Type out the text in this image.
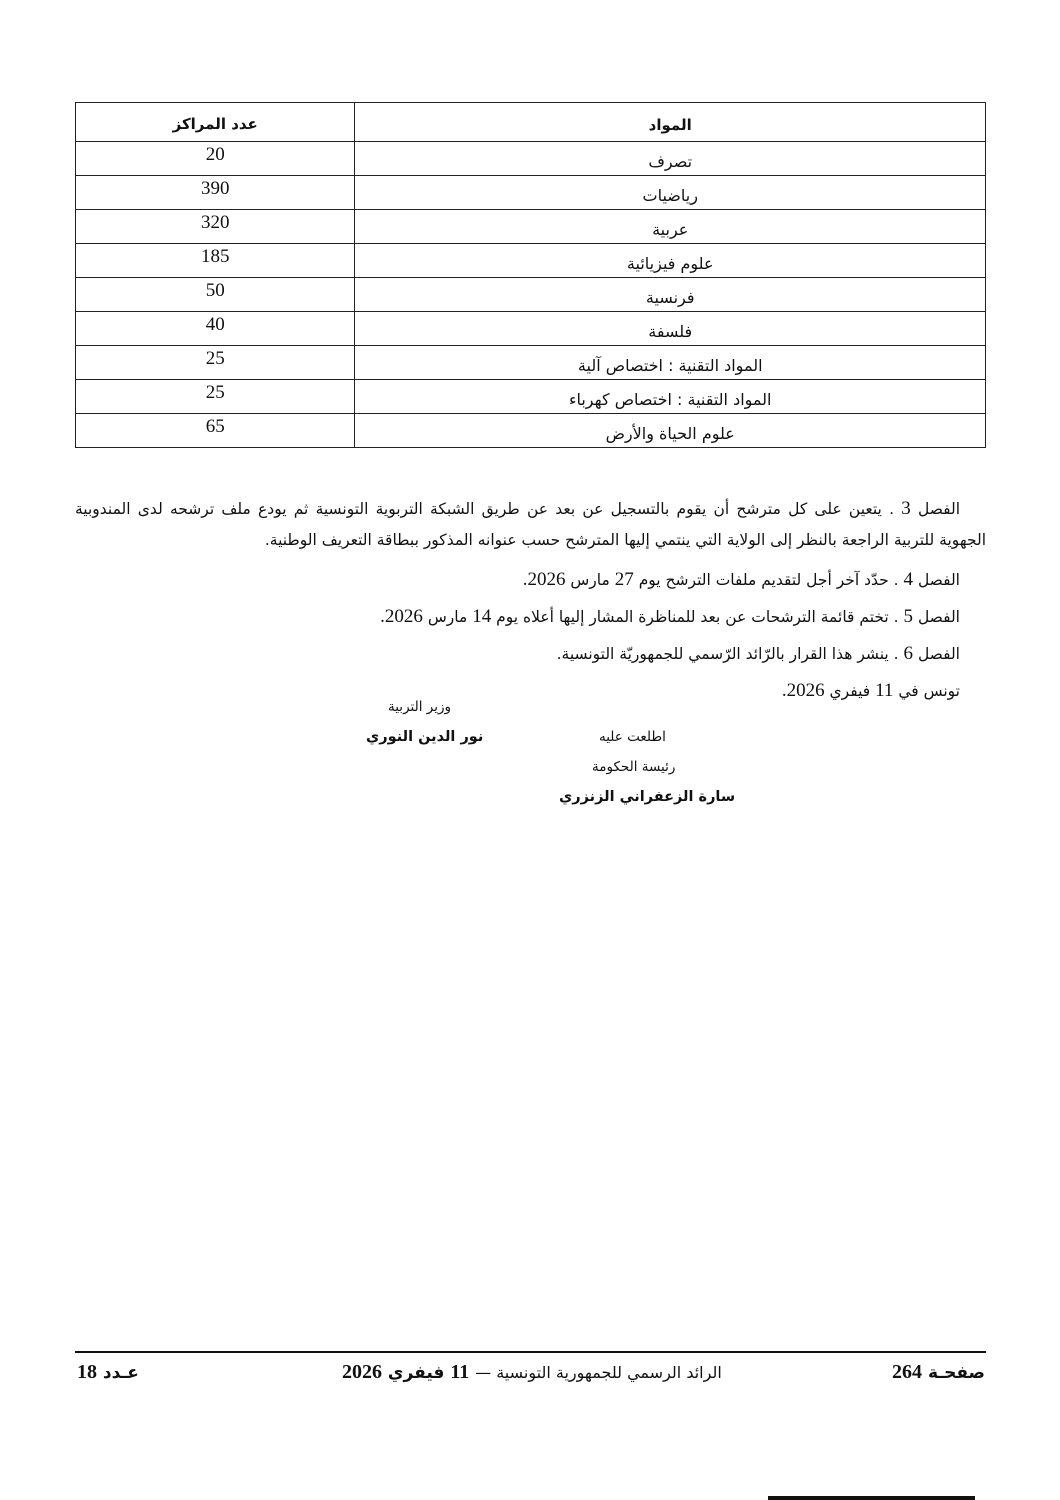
المواد	عدد المراكز
تصرف	20
رياضيات	390
عربية	320
علوم فيزيائية	185
فرنسية	50
فلسفة	40
المواد التقنية : اختصاص آلية	25
المواد التقنية : اختصاص كهرباء	25
علوم الحياة والأرض	65

الفصل 3 . يتعين على كل مترشح أن يقوم بالتسجيل عن بعد عن طريق الشبكة التربوية التونسية ثم يودع ملف ترشحه لدى المندوبية الجهوية للتربية الراجعة بالنظر إلى الولاية التي ينتمي إليها المترشح حسب عنوانه المذكور ببطاقة التعريف الوطنية.

الفصل 4 . حدّد آخر أجل لتقديم ملفات الترشح يوم 27 مارس 2026.

الفصل 5 . تختم قائمة الترشحات عن بعد للمناظرة المشار إليها أعلاه يوم 14 مارس 2026.

الفصل 6 . ينشر هذا القرار بالرّائد الرّسمي للجمهوريّة التونسية.

تونس في 11 فيفري 2026.

وزير التربية
نور الدين النوري	اطلعت عليه
رئيسة الحكومة
سارة الزعفراني الزنزري
صفحـة 264
الرائد الرسمي للجمهورية التونسية — 11 فيفري 2026
عـدد 18
